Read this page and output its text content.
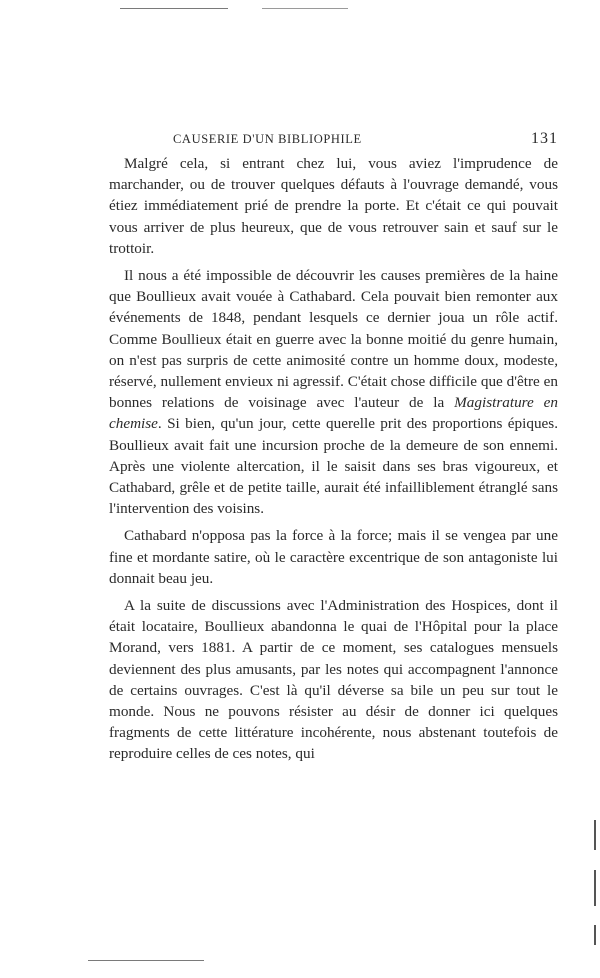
CAUSERIE D'UN BIBLIOPHILE	131

Malgré cela, si entrant chez lui, vous aviez l'imprudence de marchander, ou de trouver quelques défauts à l'ouvrage demandé, vous étiez immédiatement prié de prendre la porte. Et c'était ce qui pouvait vous arriver de plus heureux, que de vous retrouver sain et sauf sur le trottoir.

Il nous a été impossible de découvrir les causes premières de la haine que Boullieux avait vouée à Cathabard. Cela pouvait bien remonter aux événements de 1848, pendant lesquels ce dernier joua un rôle actif. Comme Boullieux était en guerre avec la bonne moitié du genre humain, on n'est pas surpris de cette animosité contre un homme doux, modeste, réservé, nullement envieux ni agressif. C'était chose difficile que d'être en bonnes relations de voisinage avec l'auteur de la Magistrature en chemise. Si bien, qu'un jour, cette querelle prit des proportions épiques. Boullieux avait fait une incursion proche de la demeure de son ennemi. Après une violente altercation, il le saisit dans ses bras vigoureux, et Cathabard, grêle et de petite taille, aurait été infailliblement étranglé sans l'intervention des voisins.

Cathabard n'opposa pas la force à la force; mais il se vengea par une fine et mordante satire, où le caractère excentrique de son antagoniste lui donnait beau jeu.

A la suite de discussions avec l'Administration des Hospices, dont il était locataire, Boullieux abandonna le quai de l'Hôpital pour la place Morand, vers 1881. A partir de ce moment, ses catalogues mensuels deviennent des plus amusants, par les notes qui accompagnent l'annonce de certains ouvrages. C'est là qu'il déverse sa bile un peu sur tout le monde. Nous ne pouvons résister au désir de donner ici quelques fragments de cette littérature incohérente, nous abstenant toutefois de reproduire celles de ces notes, qui
